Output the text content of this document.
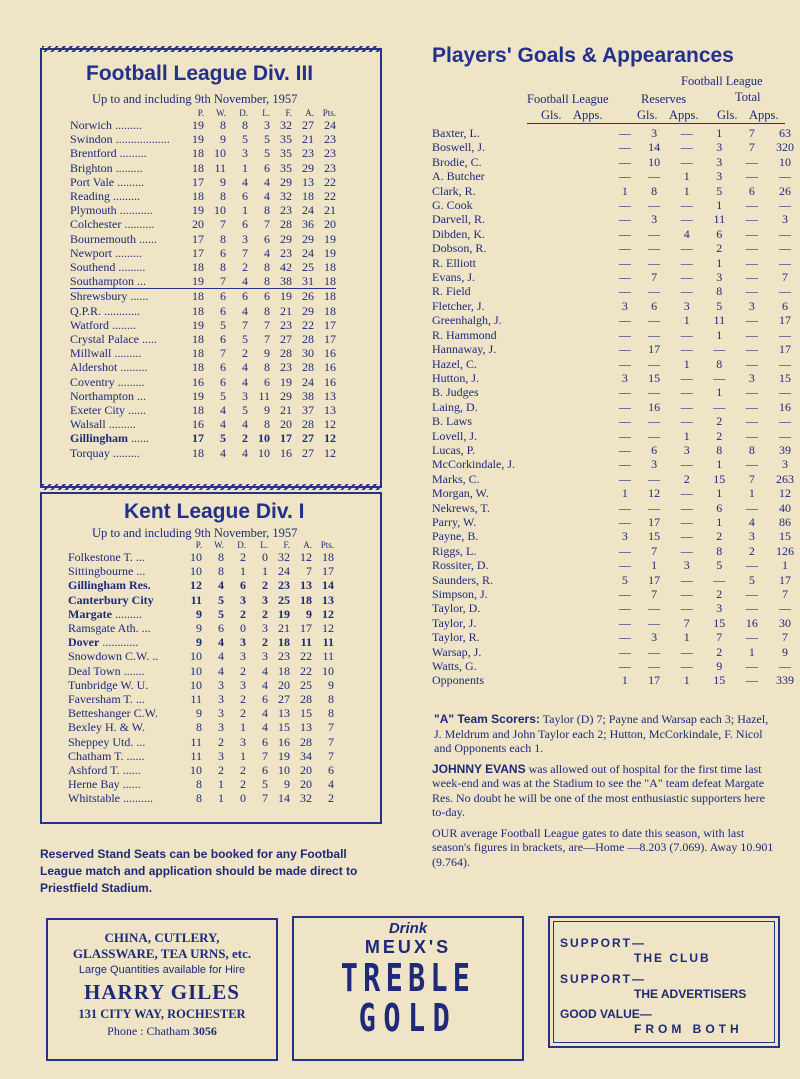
Football League Div. III
Up to and including 9th November, 1957
	P.	W.	D.	L.	F.	A.	Pts.
Norwich .........	19	8	8	3	32	27	24
Swindon ..................	19	9	5	5	35	21	23
Brentford .........	18	10	3	5	35	23	23
Brighton .........	18	11	1	6	35	29	23
Port Vale .........	17	9	4	4	29	13	22
Reading .........	18	8	6	4	32	18	22
Plymouth ...........	19	10	1	8	23	24	21
Colchester ..........	20	7	6	7	28	36	20
Bournemouth ......	17	8	3	6	29	29	19
Newport .........	17	6	7	4	23	24	19
Southend .........	18	8	2	8	42	25	18
Southampton ...	19	7	4	8	38	31	18
Shrewsbury ......	18	6	6	6	19	26	18
Q.P.R. ............	18	6	4	8	21	29	18
Watford ........	19	5	7	7	23	22	17
Crystal Palace .....	18	6	5	7	27	28	17
Millwall .........	18	7	2	9	28	30	16
Aldershot .........	18	6	4	8	23	28	16
Coventry .........	16	6	4	6	19	24	16
Northampton ...	19	5	3	11	29	38	13
Exeter City ......	18	4	5	9	21	37	13
Walsall .........	16	4	4	8	20	28	12
Gillingham ......	17	5	2	10	17	27	12
Torquay .........	18	4	4	10	16	27	12
Kent League Div. I
Up to and including 9th November, 1957
	P.	W.	D.	L.	F.	A.	Pts.
Folkestone T. ...	10	8	2	0	32	12	18
Sittingbourne ...	10	8	1	1	24	7	17
Gillingham Res.	12	4	6	2	23	13	14
Canterbury City	11	5	3	3	25	18	13
Margate .........	9	5	2	2	19	9	12
Ramsgate Ath. ...	9	6	0	3	21	17	12
Dover ............	9	4	3	2	18	11	11
Snowdown C.W. ..	10	4	3	3	23	22	11
Deal Town .......	10	4	2	4	18	22	10
Tunbridge W. U.	10	3	3	4	20	25	9
Faversham T. ...	11	3	2	6	27	28	8
Betteshanger C.W.	9	3	2	4	13	15	8
Bexley H. & W.	8	3	1	4	15	13	7
Sheppey Utd. ...	11	2	3	6	16	28	7
Chatham T. ......	11	3	1	7	19	34	7
Ashford T. ......	10	2	2	6	10	20	6
Herne Bay ......	8	1	2	5	9	20	4
Whitstable ..........	8	1	0	7	14	32	2
Reserved Stand Seats can be booked for any Football League match and application should be made direct to Priestfield Stadium.
Players' Goals & Appearances
Football League
Football League	Reserves	Total
Gls. Apps.	Gls. Apps. Gls. Apps.
Baxter, L.		—	3	—	1	7	63
Boswell, J.		—	14	—	3	7	320
Brodie, C.		—	10	—	3	—	10
A. Butcher		—	—	1	3	—	—
Clark, R.		1	8	1	5	6	26
G. Cook		—	—	—	1	—	—
Darvell, R.		—	3	—	11	—	3
Dibden, K.		—	—	4	6	—	—
Dobson, R.		—	—	—	2	—	—
R. Elliott		—	—	—	1	—	—
Evans, J.		—	7	—	3	—	7
R. Field		—	—	—	8	—	—
Fletcher, J.		3	6	3	5	3	6
Greenhalgh, J.		—	—	1	11	—	17
R. Hammond		—	—	—	1	—	—
Hannaway, J.		—	17	—	—	—	17
Hazel, C.		—	—	1	8	—	—
Hutton, J.		3	15	—	—	3	15
B. Judges		—	—	—	1	—	—
Laing, D.		—	16	—	—	—	16
B. Laws		—	—	—	2	—	—
Lovell, J.		—	—	1	2	—	—
Lucas, P.		—	6	3	8	8	39
McCorkindale, J.		—	3	—	1	—	3
Marks, C.		—	—	2	15	7	263
Morgan, W.		1	12	—	1	1	12
Nekrews, T.		—	—	—	6	—	40
Parry, W.		—	17	—	1	4	86
Payne, B.		3	15	—	2	3	15
Riggs, L.		—	7	—	8	2	126
Rossiter, D.		—	1	3	5	—	1
Saunders, R.		5	17	—	—	5	17
Simpson, J.		—	7	—	2	—	7
Taylor, D.		—	—	—	3	—	—
Taylor, J.		—	—	7	15	16	30
Taylor, R.		—	3	1	7	—	7
Warsap, J.		—	—	—	2	1	9
Watts, G.		—	—	—	9	—	—
Opponents		1	17	1	15	—	339

"A" Team Scorers: Taylor (D) 7; Payne and Warsap each 3; Hazel, J. Meldrum and John Taylor each 2; Hutton, McCorkindale, F. Nicol and Opponents each 1.

JOHNNY EVANS was allowed out of hospital for the first time last week-end and was at the Stadium to see the "A" team defeat Margate Res. No doubt he will be one of the most enthusiastic supporters here to-day.

OUR average Football League gates to date this season, with last season's figures in brackets, are—Home —8.203 (7.069). Away 10.901 (9.764).

CHINA, CUTLERY,
GLASSWARE, TEA URNS, etc.
Large Quantities available for Hire
HARRY GILES
131 CITY WAY, ROCHESTER
Phone : Chatham 3056
Drink
MEUX'S
TREBLE
GOLD
SUPPORT—
THE CLUB
SUPPORT—
THE ADVERTISERS
GOOD VALUE—
FROM BOTH
